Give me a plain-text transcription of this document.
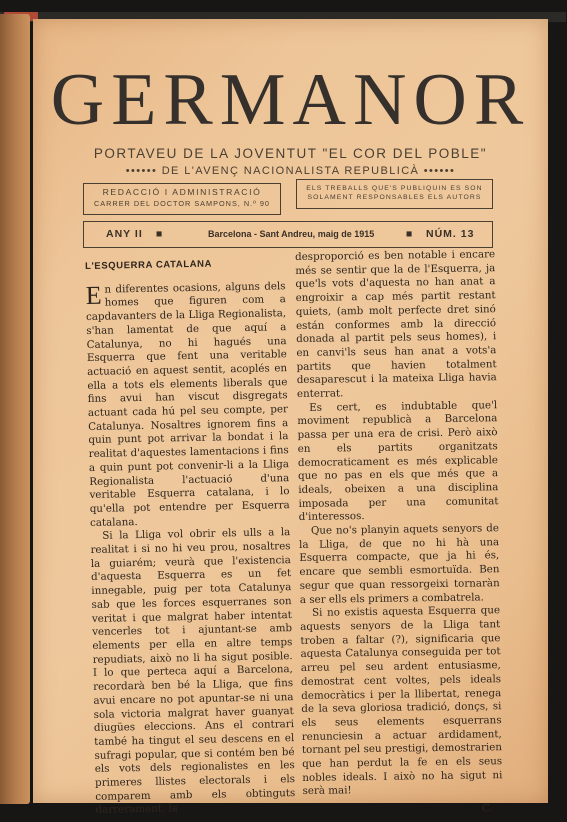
GERMANOR
PORTAVEU DE LA JOVENTUT "EL COR DEL POBLE"
•••••• DE L'AVENÇ NACIONALISTA REPUBLICÀ ••••••
REDACCIÓ I ADMINISTRACIÓ
CARRER DEL DOCTOR SAMPONS, N.º 90
ELS TREBALLS QUE'S PUBLIQUIN ES SON
SOLAMENT RESPONSABLES ELS AUTORS
ANY II ■	Barcelona - Sant Andreu, maig de 1915	■ NÚM. 13
L'ESQUERRA CATALANA

En diferentes ocasions, alguns dels homes que figuren com a capdavanters de la Lliga Regionalista, s'han lamentat de que aquí a Catalunya, no hi hagués una Esquerra que fent una veritable actuació en aquest sentit, acoplés en ella a tots els elements liberals que fins avui han viscut disgregats actuant cada hú pel seu compte, per Catalunya. Nosaltres ignorem fins a quin punt pot arrivar la bondat i la realitat d'aquestes lamentacions i fins a quin punt pot convenir-li a la Lliga Regionalista l'actuació d'una veritable Esquerra catalana, i lo qu'ella pot entendre per Esquerra catalana.

Si la Lliga vol obrir els ulls a la realitat i si no hi veu prou, nosaltres la guiarém; veurà que l'existencia d'aquesta Esquerra es un fet innegable, puig per tota Catalunya sab que les forces esquerranes son veritat i que malgrat haber intentat vencerles tot i ajuntant-se amb elements per ella en altre temps repudiats, això no li ha sigut posible. I lo que perteca aquí a Barcelona, recordarà ben bé la Lliga, que fins avui encare no pot apuntar-se ni una sola victoria malgrat haver guanyat diugües eleccions. Ans el contrari també ha tingut el seu descens en el sufragi popular, que si contém ben bé els vots dels regionalistes en les primeres llistes electorals i els comparem amb els obtinguts darrerament, la

desproporció es ben notable i encare més se sentir que la de l'Esquerra, ja que'ls vots d'aquesta no han anat a engroixir a cap més partit restant quiets, (amb molt perfecte dret sinó están conformes amb la direcció donada al partit pels seus homes), i en canvi'ls seus han anat a vots'a partits que havien totalment desaparescut i la mateixa Lliga havia enterrat.

Es cert, es indubtable que'l moviment republicà a Barcelona passa per una era de crisi. Però això en els partits organitzats democraticament es més explicable que no pas en els que més que a ideals, obeixen a una disciplina imposada per una comunitat d'interessos.

Que no's planyin aquets senyors de la Lliga, de que no hi hà una Esquerra compacte, que ja hi és, encare que sembli esmortuïda. Ben segur que quan ressorgeixi tornaràn a ser ells els primers a combatrela.

Si no existis aquesta Esquerra que aquests senyors de la Lliga tant troben a faltar (?), significaria que aquesta Catalunya conseguida per tot arreu pel seu ardent entusiasme, demostrat cent voltes, pels ideals democràtics i per la llibertat, renega de la seva gloriosa tradició, donçs, si els seus elements esquerrans renunciesin a actuar ardidament, tornant pel seu prestigi, demostrarien que han perdut la fe en els seus nobles ideals. I això no ha sigut ni serà mai!

C.
